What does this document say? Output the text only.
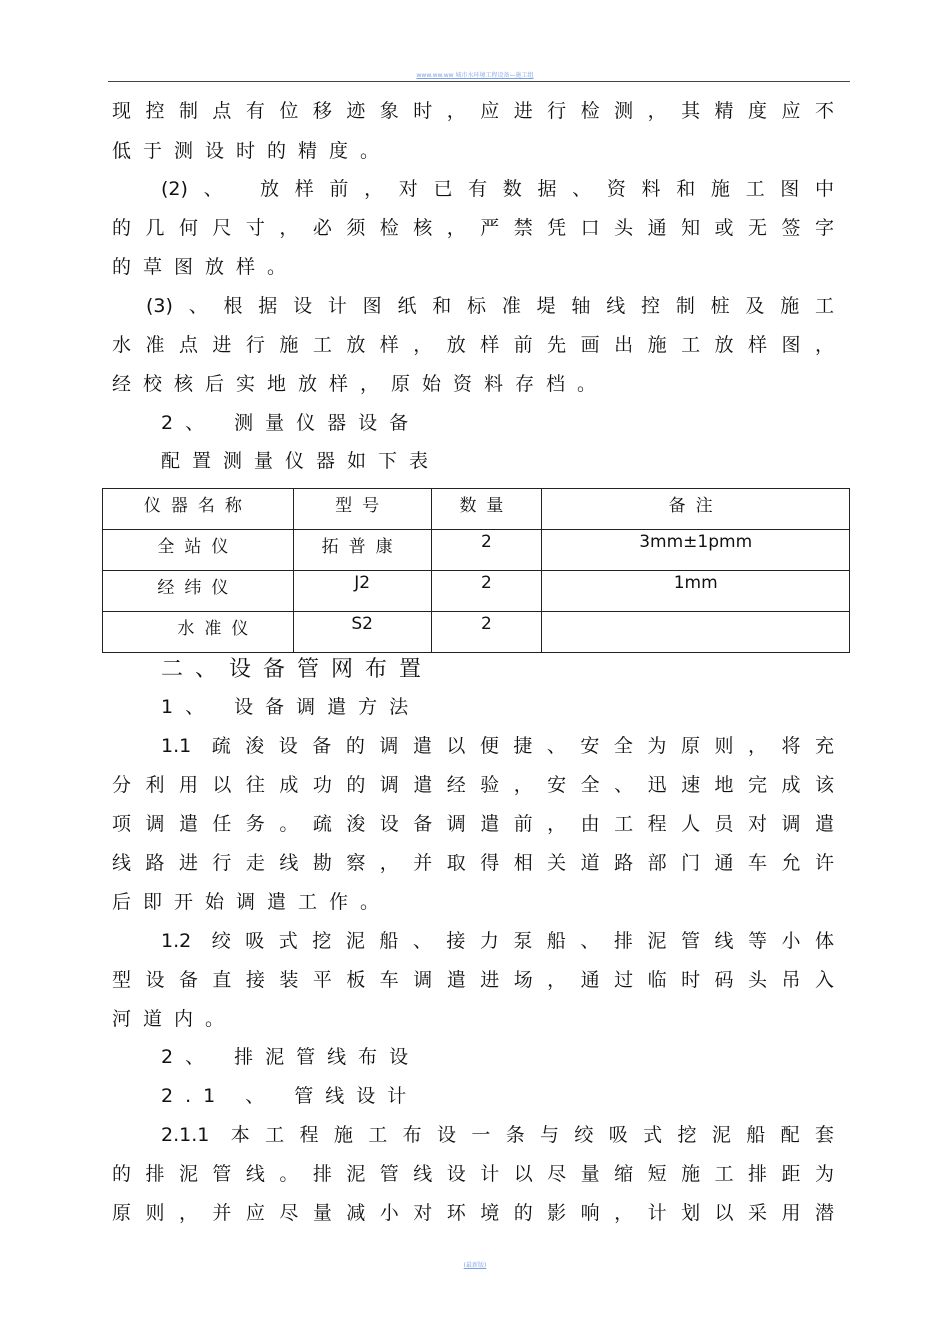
www.ww.ww 城市水环境工程设备—施工组
现控制点有位移迹象时，应进行检测，其精度应不
低于测设时的精度。
(2)、 放样前，对已有数据、资料和施工图中
的几何尺寸，必须检核，严禁凭口头通知或无签字
的草图放样。
(3)、根据设计图纸和标准堤轴线控制桩及施工
水准点进行施工放样，放样前先画出施工放样图，
经校核后实地放样，原始资料存档。
2、 测量仪器设备
配置测量仪器如下表
仪器名称	型号	数量	备注
全站仪	拓普康	2	3mm±1pmm
经纬仪	J2	2	1mm
水准仪	S2	2	
二、设备管网布置
1、 设备调遣方法
1.1 疏浚设备的调遣以便捷、安全为原则，将充
分利用以往成功的调遣经验，安全、迅速地完成该
项调遣任务。疏浚设备调遣前，由工程人员对调遣
线路进行走线勘察，并取得相关道路部门通车允许
后即开始调遣工作。
1.2 绞吸式挖泥船、接力泵船、排泥管线等小体
型设备直接装平板车调遣进场，通过临时码头吊入
河道内。
2、 排泥管线布设
2.1 、 管线设计
2.1.1 本工程施工布设一条与绞吸式挖泥船配套
的排泥管线。排泥管线设计以尽量缩短施工排距为
原则，并应尽量减小对环境的影响，计划以采用潜
(最新版)
